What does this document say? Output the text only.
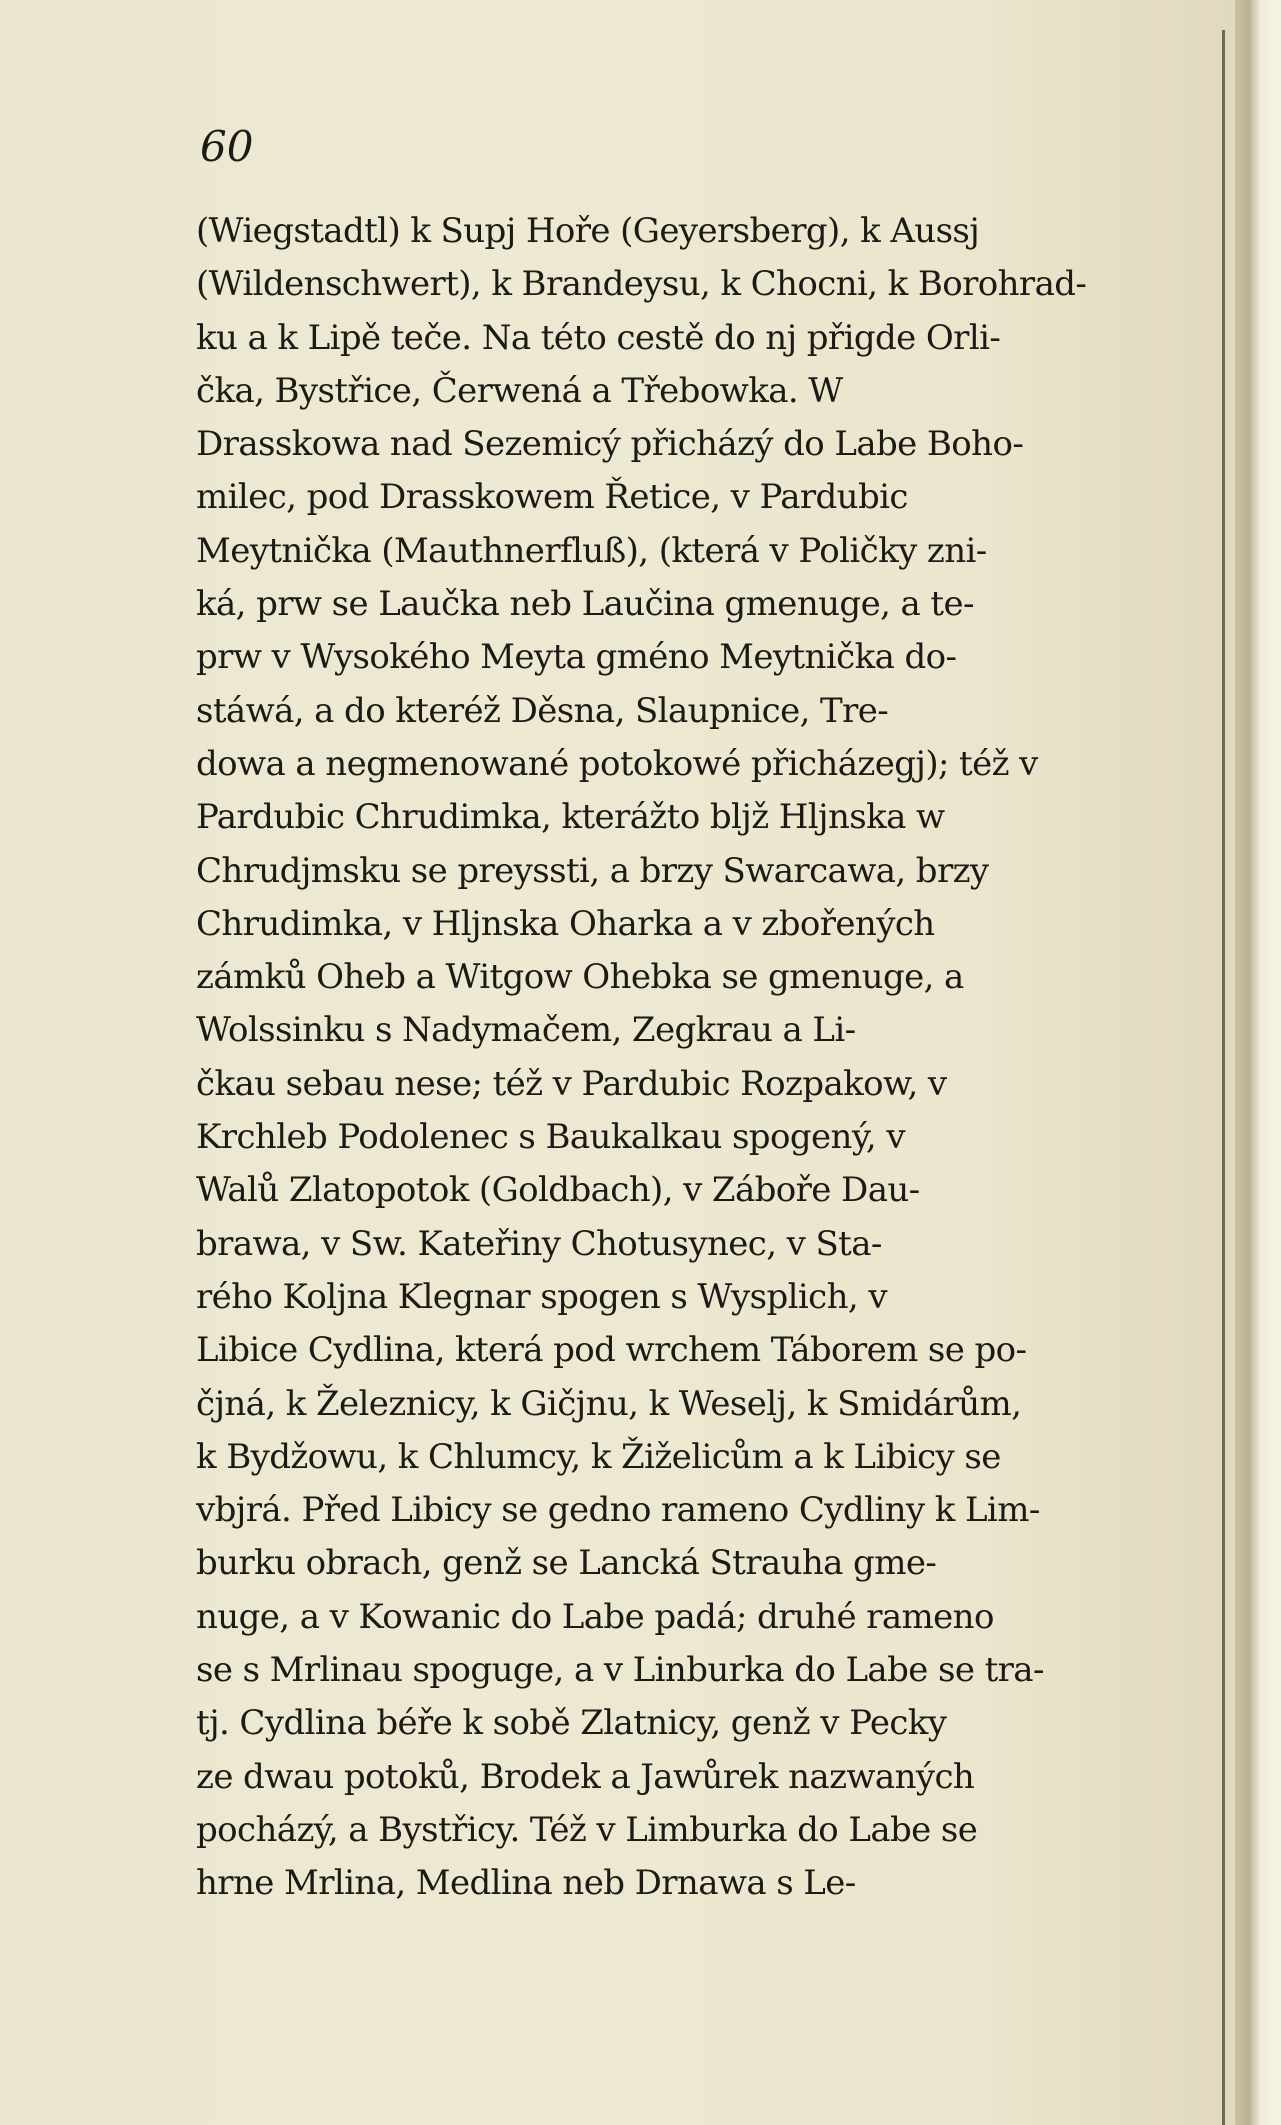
60
(Wiegstadtl) k Supj Hoře (Geyersberg), k Aussj
(Wildenschwert), k Brandeysu, k Chocni, k Borohrad-
ku a k Lipě teče. Na této cestě do nj přigde Orli-
čka, Bystřice, Čerwená a Třebowka. W
Drasskowa nad Sezemicý přicházý do Labe Boho-
milec, pod Drasskowem Řetice, v Pardubic
Meytnička (Mauthnerfluß), (která v Poličky zni-
ká, prw se Laučka neb Laučina gmenuge, a te-
prw v Wysokého Meyta gméno Meytnička do-
stáwá, a do kteréž Děsna, Slaupnice, Tre-
dowa a negmenowané potokowé přicházegj); též v
Pardubic Chrudimka, kterážto bljž Hljnska w
Chrudjmsku se preyssti, a brzy Swarcawa, brzy
Chrudimka, v Hljnska Oharka a v zbořených
zámků Oheb a Witgow Ohebka se gmenuge, a
Wolssinku s Nadymačem, Zegkrau a Li-
čkau sebau nese; též v Pardubic Rozpakow, v
Krchleb Podolenec s Baukalkau spogený, v
Walů Zlatopotok (Goldbach), v Záboře Dau-
brawa, v Sw. Kateřiny Chotusynec, v Sta-
rého Koljna Klegnar spogen s Wysplich, v
Libice Cydlina, která pod wrchem Táborem se po-
čjná, k Železnicy, k Gičjnu, k Weselj, k Smidárům,
k Bydžowu, k Chlumcy, k Žiželicům a k Libicy se
vbjrá. Před Libicy se gedno rameno Cydliny k Lim-
burku obrach, genž se Lancká Strauha gme-
nuge, a v Kowanic do Labe padá; druhé rameno
se s Mrlinau spoguge, a v Linburka do Labe se tra-
tj. Cydlina béře k sobě Zlatnicy, genž v Pecky
ze dwau potoků, Brodek a Jawůrek nazwaných
pocházý, a Bystřicy. Též v Limburka do Labe se
hrne Mrlina, Medlina neb Drnawa s Le-
